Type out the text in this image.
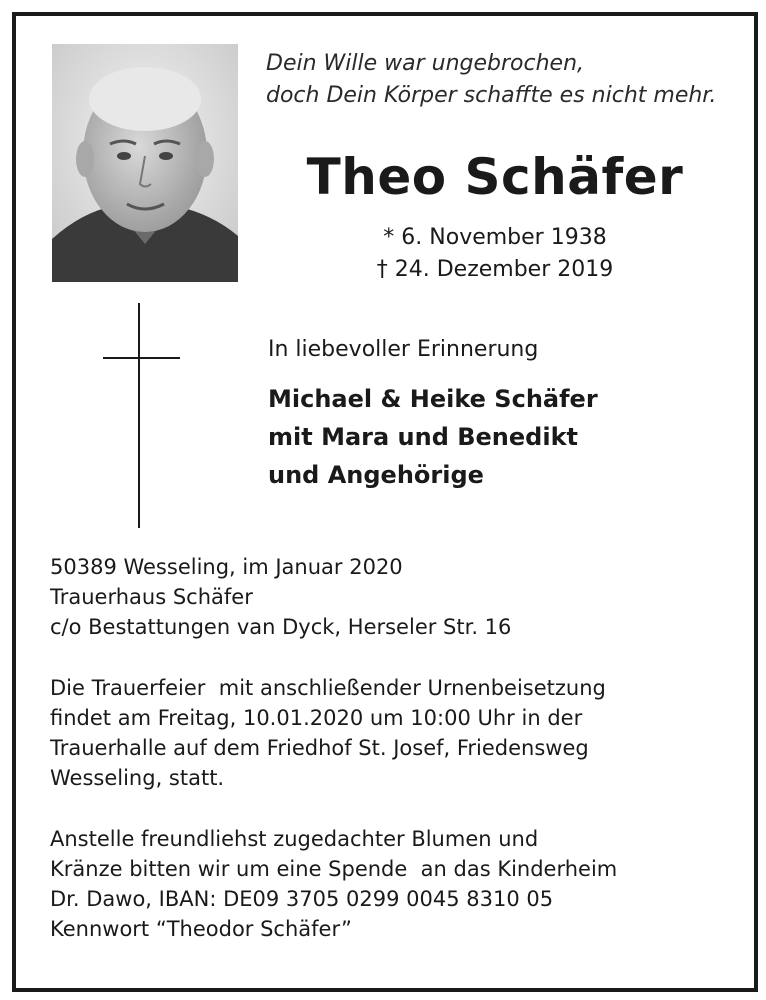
Dein Wille war ungebrochen,
doch Dein Körper schaffte es nicht mehr.
Theo Schäfer
* 6. November 1938
† 24. Dezember 2019
In liebevoller Erinnerung
Michael & Heike Schäfer
mit Mara und Benedikt
und Angehörige
50389 Wesseling, im Januar 2020
Trauerhaus Schäfer
c/o Bestattungen van Dyck, Herseler Str. 16
Die Trauerfeier  mit anschließender Urnenbeisetzung
findet am Freitag, 10.01.2020 um 10:00 Uhr in der
Trauerhalle auf dem Friedhof St. Josef, Friedensweg
Wesseling, statt.
Anstelle freundliehst zugedachter Blumen und
Kränze bitten wir um eine Spende  an das Kinderheim
Dr. Dawo, IBAN: DE09 3705 0299 0045 8310 05
Kennwort “Theodor Schäfer”
